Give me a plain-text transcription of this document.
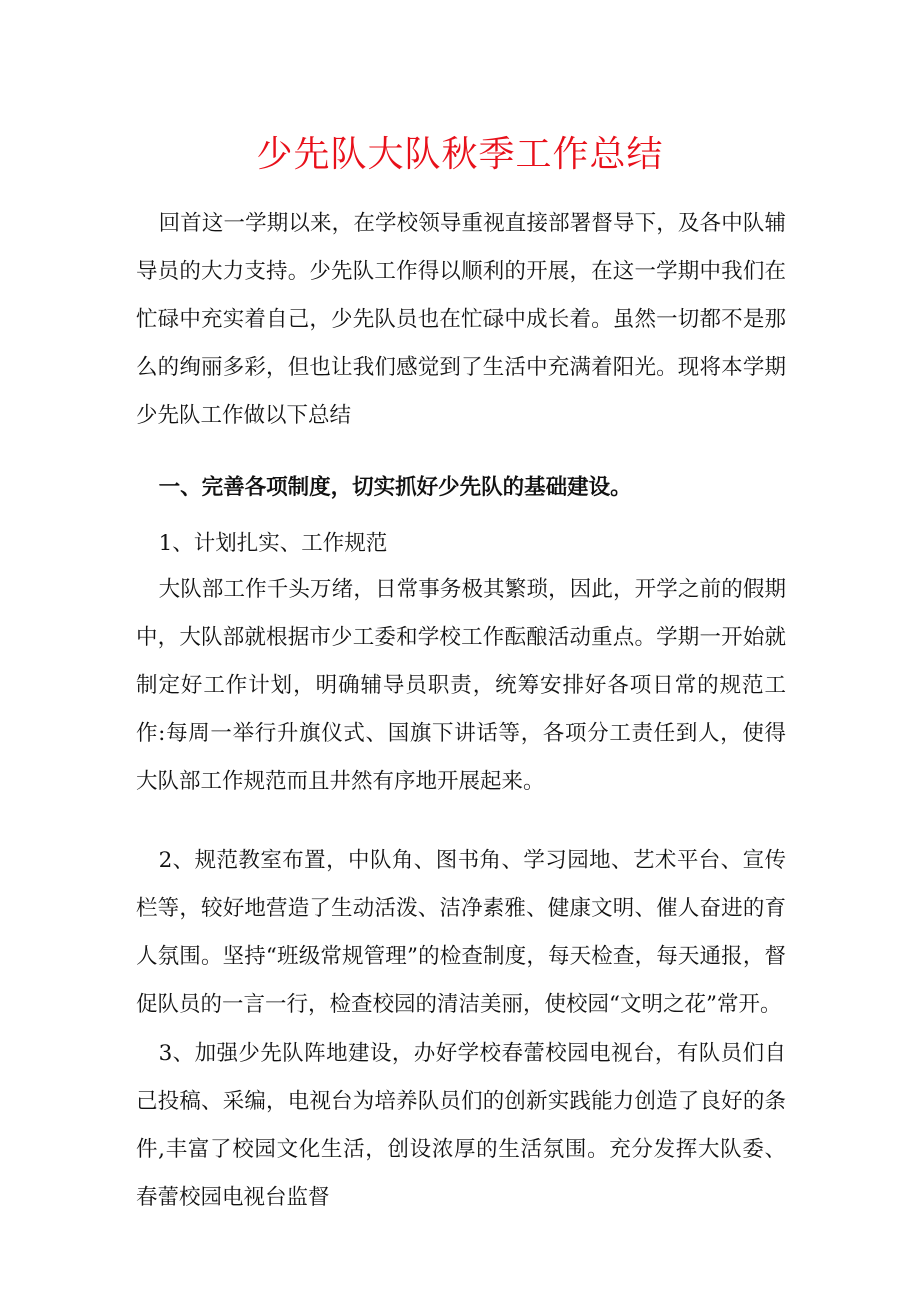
少先队大队秋季工作总结

回首这一学期以来，在学校领导重视直接部署督导下，及各中队辅导员的大力支持。少先队工作得以顺利的开展，在这一学期中我们在忙碌中充实着自己，少先队员也在忙碌中成长着。虽然一切都不是那么的绚丽多彩，但也让我们感觉到了生活中充满着阳光。现将本学期少先队工作做以下总结

一、完善各项制度，切实抓好少先队的基础建设。

1、计划扎实、工作规范

大队部工作千头万绪，日常事务极其繁琐，因此，开学之前的假期中，大队部就根据市少工委和学校工作酝酿活动重点。学期一开始就制定好工作计划，明确辅导员职责，统筹安排好各项日常的规范工作:每周一举行升旗仪式、国旗下讲话等，各项分工责任到人，使得大队部工作规范而且井然有序地开展起来。

2、规范教室布置，中队角、图书角、学习园地、艺术平台、宣传栏等，较好地营造了生动活泼、洁净素雅、健康文明、催人奋进的育人氛围。坚持“班级常规管理”的检查制度，每天检查，每天通报，督促队员的一言一行，检查校园的清洁美丽，使校园“文明之花”常开。

3、加强少先队阵地建设，办好学校春蕾校园电视台，有队员们自己投稿、采编，电视台为培养队员们的创新实践能力创造了良好的条件,丰富了校园文化生活，创设浓厚的生活氛围。充分发挥大队委、春蕾校园电视台监督
